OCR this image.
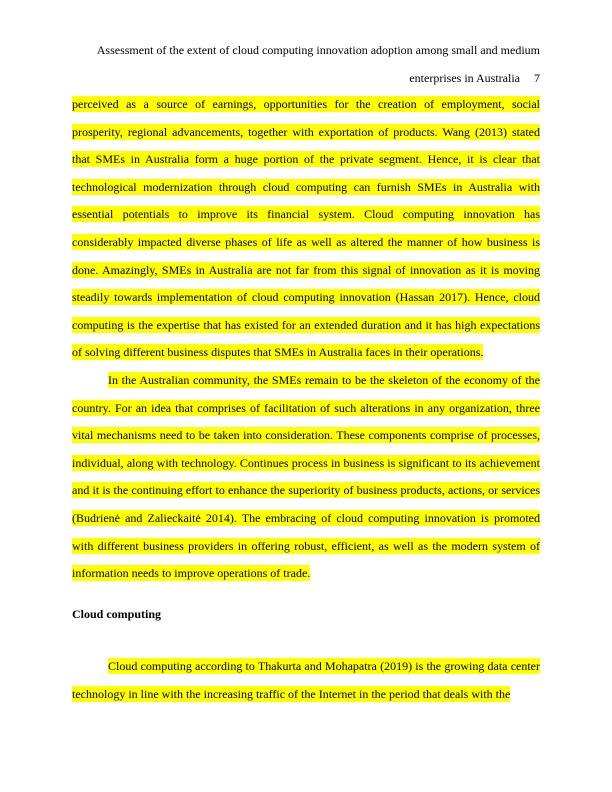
Assessment of the extent of cloud computing innovation adoption among small and medium
enterprises in Australia 7

perceived as a source of earnings, opportunities for the creation of employment, social prosperity, regional advancements, together with exportation of products. Wang (2013) stated that SMEs in Australia form a huge portion of the private segment. Hence, it is clear that technological modernization through cloud computing can furnish SMEs in Australia with essential potentials to improve its financial system. Cloud computing innovation has considerably impacted diverse phases of life as well as altered the manner of how business is done. Amazingly, SMEs in Australia are not far from this signal of innovation as it is moving steadily towards implementation of cloud computing innovation (Hassan 2017). Hence, cloud computing is the expertise that has existed for an extended duration and it has high expectations of solving different business disputes that SMEs in Australia faces in their operations.

In the Australian community, the SMEs remain to be the skeleton of the economy of the country. For an idea that comprises of facilitation of such alterations in any organization, three vital mechanisms need to be taken into consideration. These components comprise of processes, individual, along with technology. Continues process in business is significant to its achievement and it is the continuing effort to enhance the superiority of business products, actions, or services (Budrienė and Zalieckaitė 2014). The embracing of cloud computing innovation is promoted with different business providers in offering robust, efficient, as well as the modern system of information needs to improve operations of trade.

Cloud computing

Cloud computing according to Thakurta and Mohapatra (2019) is the growing data center technology in line with the increasing traffic of the Internet in the period that deals with the
